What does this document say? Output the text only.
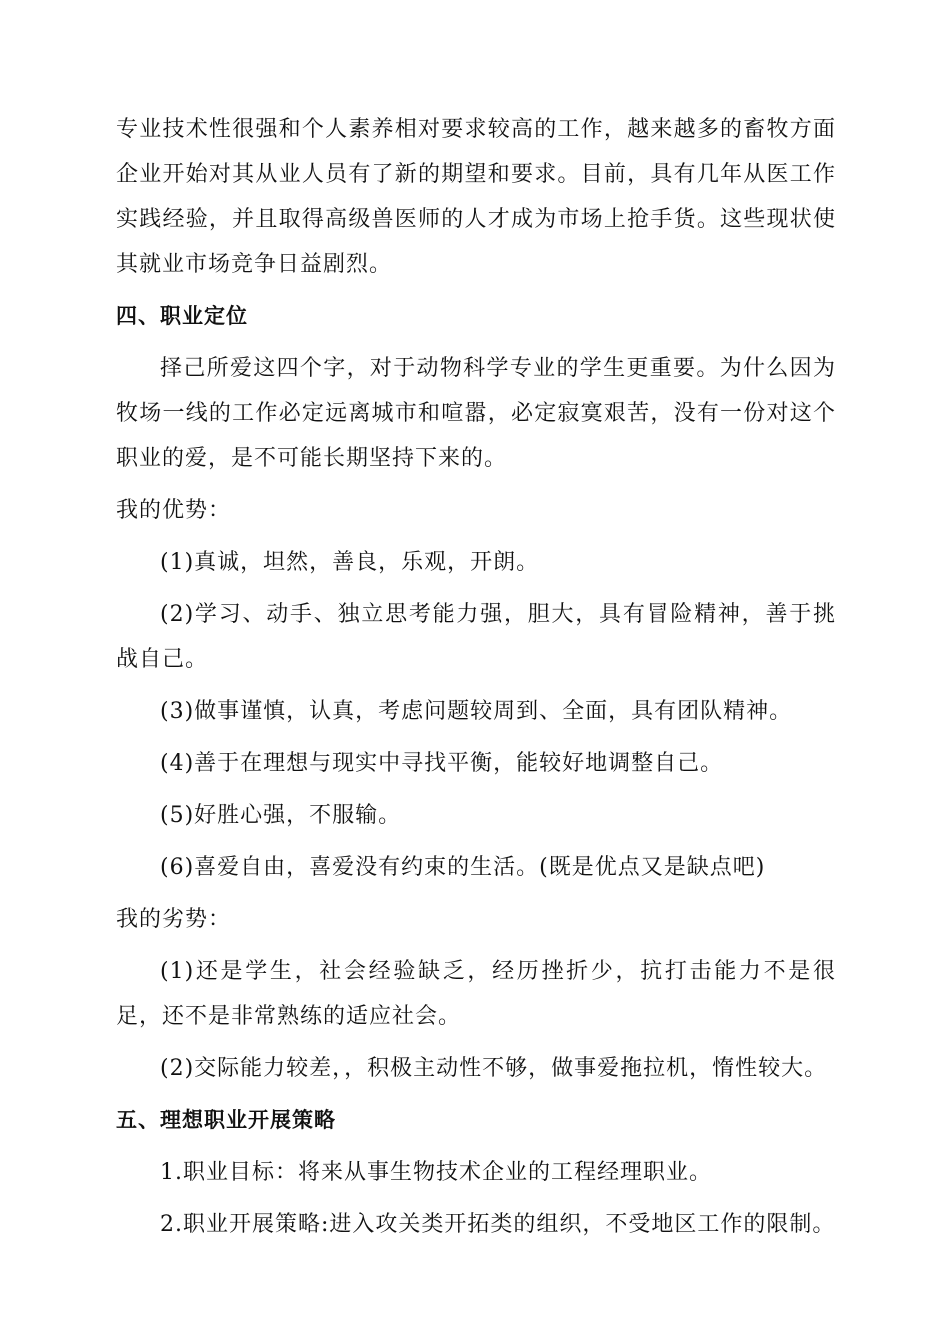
专业技术性很强和个人素养相对要求较高的工作，越来越多的畜牧方面企业开始对其从业人员有了新的期望和要求。目前，具有几年从医工作实践经验，并且取得高级兽医师的人才成为市场上抢手货。这些现状使其就业市场竞争日益剧烈。

四、职业定位

择己所爱这四个字，对于动物科学专业的学生更重要。为什么因为牧场一线的工作必定远离城市和喧嚣，必定寂寞艰苦，没有一份对这个职业的爱，是不可能长期坚持下来的。

我的优势：

(1)真诚，坦然，善良，乐观，开朗。

(2)学习、动手、独立思考能力强，胆大，具有冒险精神，善于挑战自己。

(3)做事谨慎，认真，考虑问题较周到、全面，具有团队精神。

(4)善于在理想与现实中寻找平衡，能较好地调整自己。

(5)好胜心强，不服输。

(6)喜爱自由，喜爱没有约束的生活。(既是优点又是缺点吧)

我的劣势：

(1)还是学生，社会经验缺乏，经历挫折少，抗打击能力不是很足，还不是非常熟练的适应社会。

(2)交际能力较差，，积极主动性不够，做事爱拖拉机，惰性较大。

五、理想职业开展策略

1.职业目标：将来从事生物技术企业的工程经理职业。

2.职业开展策略:进入攻关类开拓类的组织，不受地区工作的限制。
